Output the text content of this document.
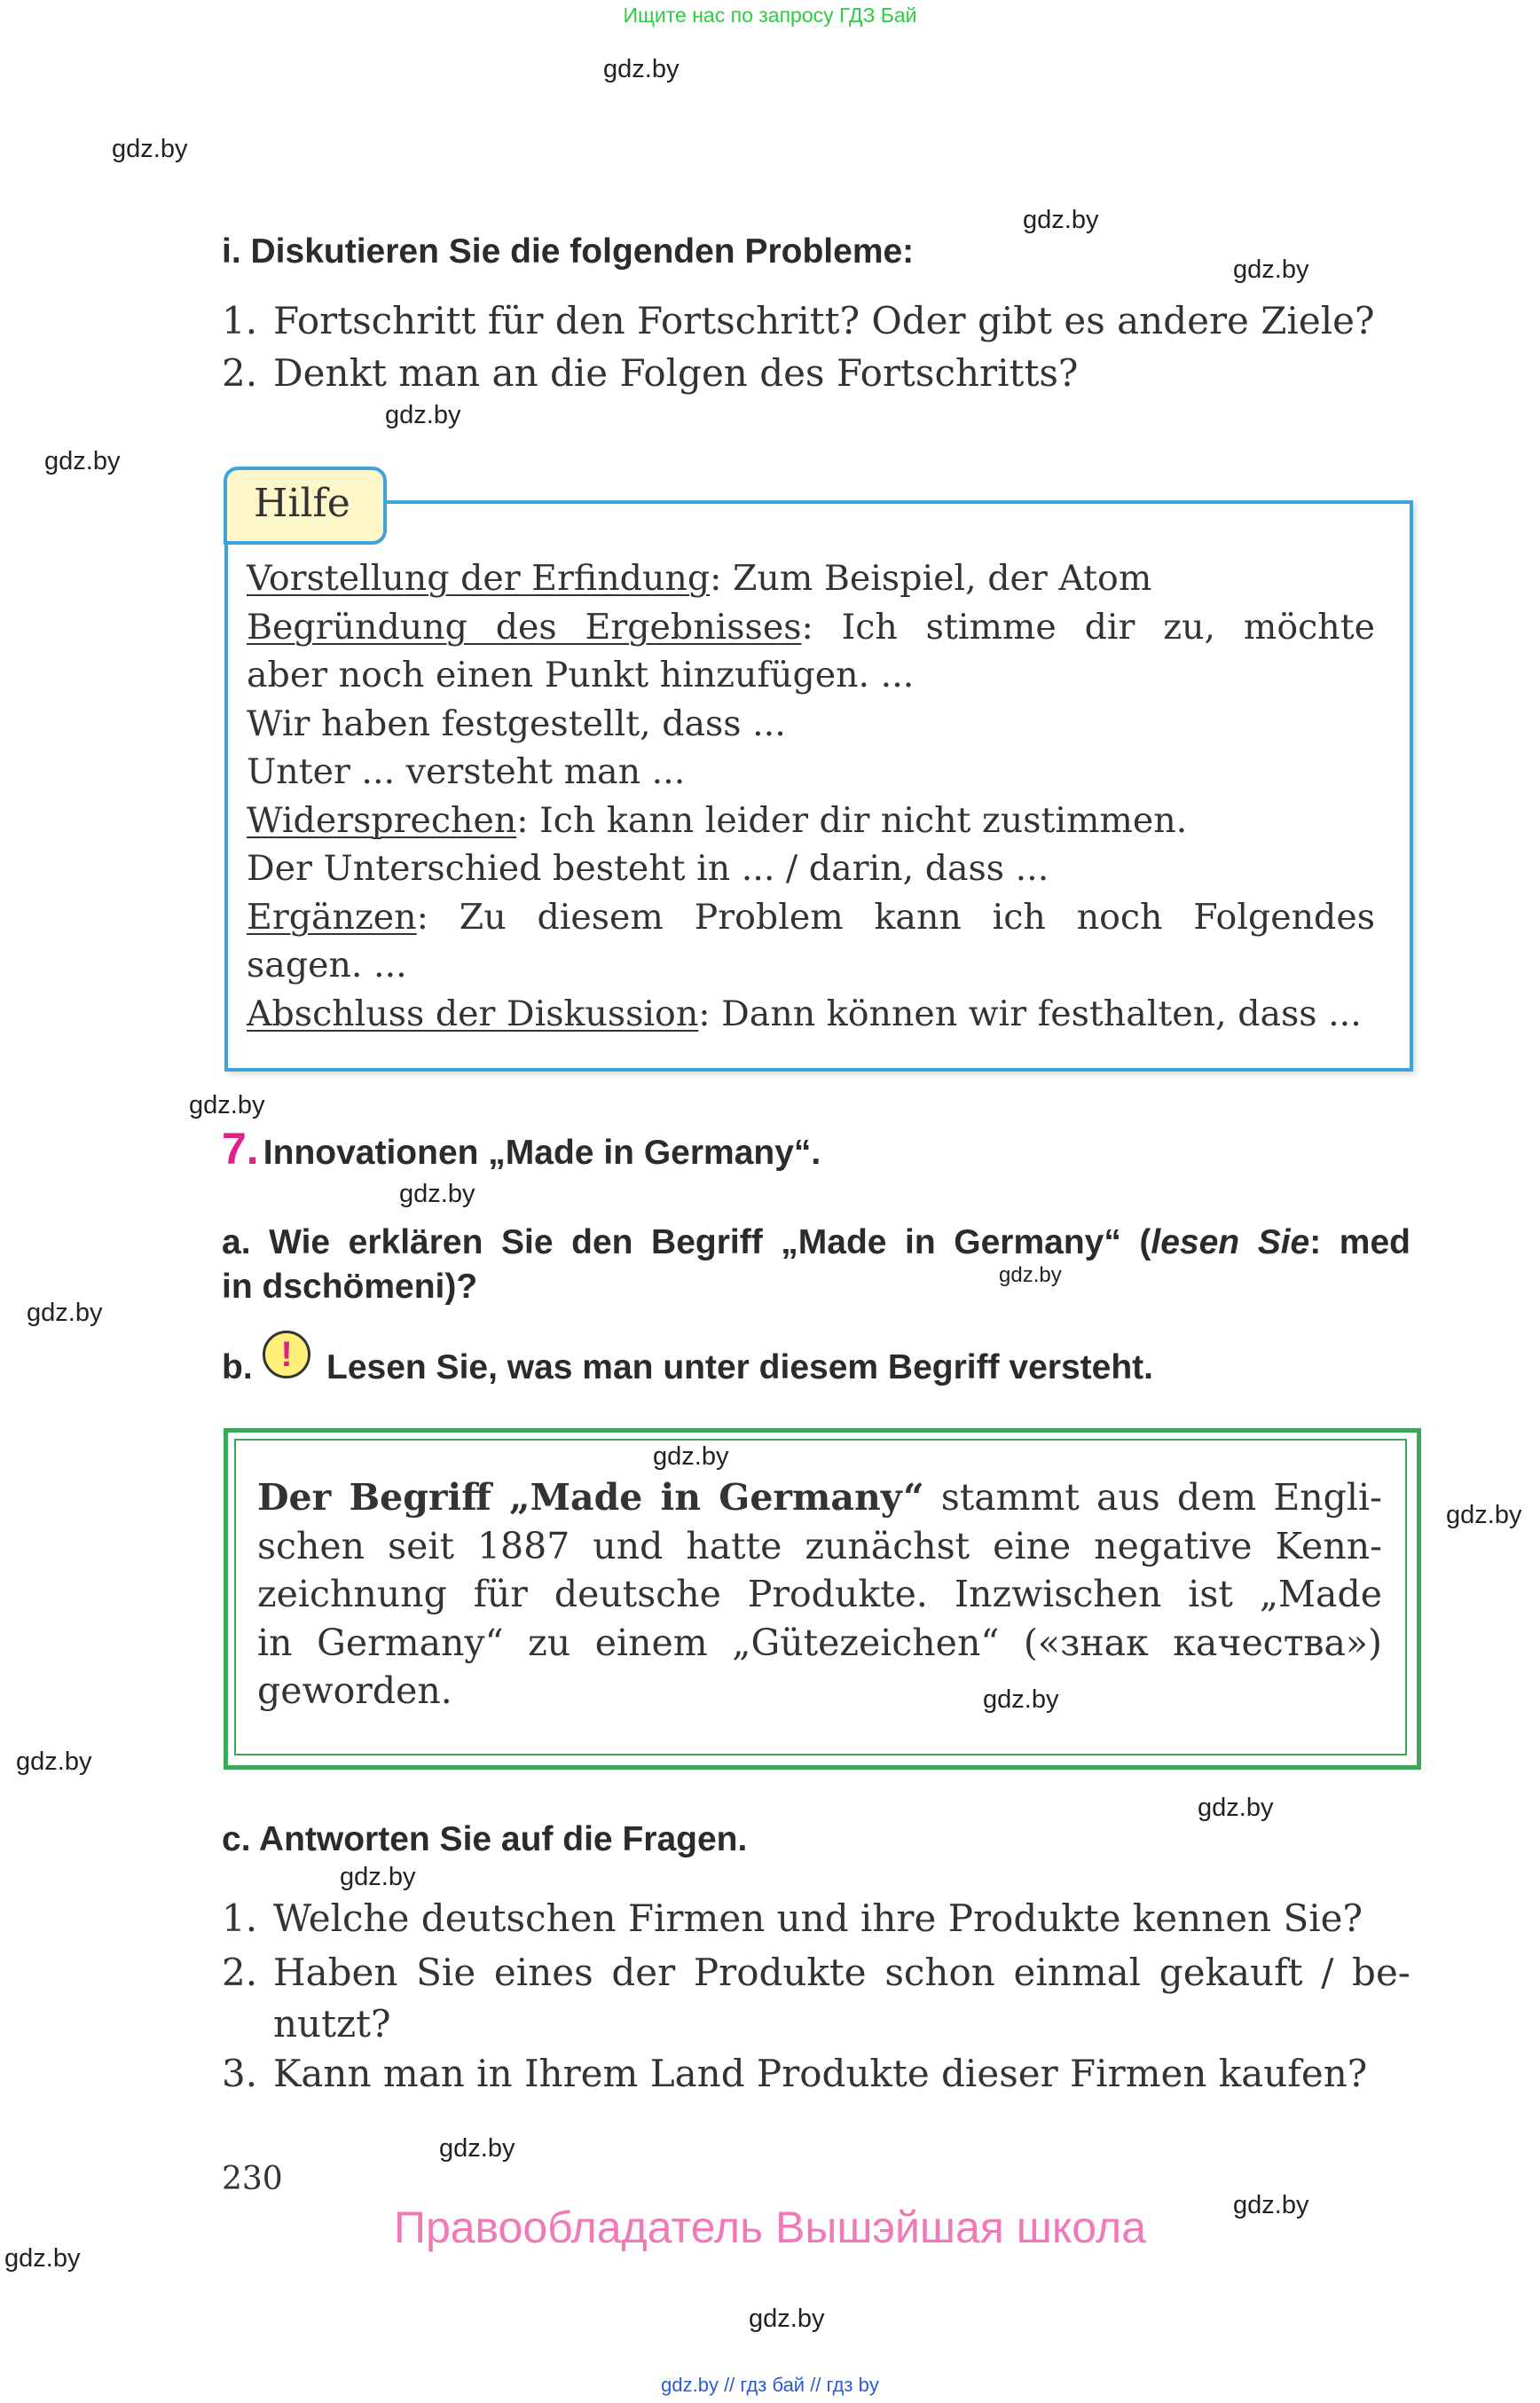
Ищите нас по запросу ГДЗ Бай
gdz.by
gdz.by
gdz.by
gdz.by
gdz.by
gdz.by
gdz.by
gdz.by
gdz.by
gdz.by
gdz.by
gdz.by
gdz.by
gdz.by
gdz.by
gdz.by
gdz.by
gdz.by
gdz.by
gdz.by
i. Diskutieren Sie die folgenden Probleme:
1. Fortschritt für den Fortschritt? Oder gibt es andere Ziele?
2. Denkt man an die Folgen des Fortschritts?
Hilfe

Vorstellung der Erfindung: Zum Beispiel, der Atom

Begründung des Ergebnisses: Ich stimme dir zu, möchte

aber noch einen Punkt hinzufügen. ...

Wir haben festgestellt, dass ...

Unter ... versteht man ...

Widersprechen: Ich kann leider dir nicht zustimmen.

Der Unterschied besteht in ... / darin, dass ...

Ergänzen: Zu diesem Problem kann ich noch Folgendes

sagen. ...

Abschluss der Diskussion: Dann können wir festhalten, dass ...

7. Innovationen „Made in Germany“.
a. Wie erklären Sie den Begriff „Made in Germany“ (lesen Sie: med
in dschömeni)?
b. ! Lesen Sie, was man unter diesem Begriff versteht.

Der Begriff „Made in Germany“ stammt aus dem Engli-

schen seit 1887 und hatte zunächst eine negative Kenn-

zeichnung für deutsche Produkte. Inzwischen ist „Made

in Germany“ zu einem „Gütezeichen“ («знак качества»)

geworden.

c. Antworten Sie auf die Fragen.
1. Welche deutschen Firmen und ihre Produkte kennen Sie?
2. Haben Sie eines der Produkte schon einmal gekauft / be-
nutzt?
3. Kann man in Ihrem Land Produkte dieser Firmen kaufen?
230
Правообладатель Вышэйшая школа
gdz.by // гдз бай // гдз by
